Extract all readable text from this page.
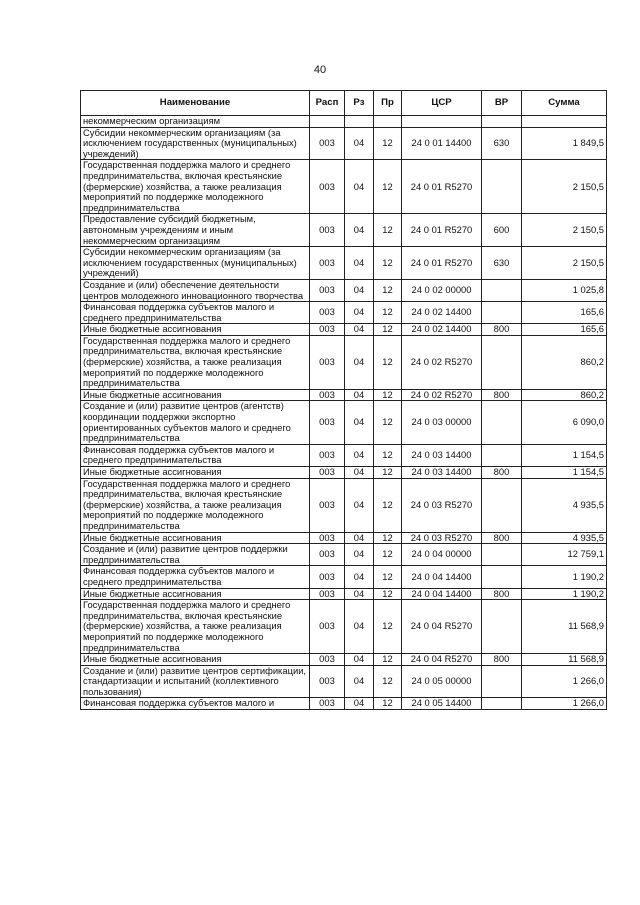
40
Наименование	Расп	Рз	Пр	ЦСР	ВР	Сумма
некоммерческим организациям						
Субсидии некоммерческим организациям (за исключением государственных (муниципальных) учреждений)	003	04	12	24 0 01 14400	630	1 849,5
Государственная поддержка малого и среднего предпринимательства, включая крестьянские (фермерские) хозяйства, а также реализация мероприятий по поддержке молодежного предпринимательства	003	04	12	24 0 01 R5270		2 150,5
Предоставление субсидий бюджетным, автономным учреждениям и иным некоммерческим организациям	003	04	12	24 0 01 R5270	600	2 150,5
Субсидии некоммерческим организациям (за исключением государственных (муниципальных) учреждений)	003	04	12	24 0 01 R5270	630	2 150,5
Создание и (или) обеспечение деятельности центров молодежного инновационного творчества	003	04	12	24 0 02 00000		1 025,8
Финансовая поддержка субъектов малого и среднего предпринимательства	003	04	12	24 0 02 14400		165,6
Иные бюджетные ассигнования	003	04	12	24 0 02 14400	800	165,6
Государственная поддержка малого и среднего предпринимательства, включая крестьянские (фермерские) хозяйства, а также реализация мероприятий по поддержке молодежного предпринимательства	003	04	12	24 0 02 R5270		860,2
Иные бюджетные ассигнования	003	04	12	24 0 02 R5270	800	860,2
Создание и (или) развитие центров (агентств) координации поддержки экспортно ориентированных субъектов малого и среднего предпринимательства	003	04	12	24 0 03 00000		6 090,0
Финансовая поддержка субъектов малого и среднего предпринимательства	003	04	12	24 0 03 14400		1 154,5
Иные бюджетные ассигнования	003	04	12	24 0 03 14400	800	1 154,5
Государственная поддержка малого и среднего предпринимательства, включая крестьянские (фермерские) хозяйства, а также реализация мероприятий по поддержке молодежного предпринимательства	003	04	12	24 0 03 R5270		4 935,5
Иные бюджетные ассигнования	003	04	12	24 0 03 R5270	800	4 935,5
Создание и (или) развитие центров поддержки предпринимательства	003	04	12	24 0 04 00000		12 759,1
Финансовая поддержка субъектов малого и среднего предпринимательства	003	04	12	24 0 04 14400		1 190,2
Иные бюджетные ассигнования	003	04	12	24 0 04 14400	800	1 190,2
Государственная поддержка малого и среднего предпринимательства, включая крестьянские (фермерские) хозяйства, а также реализация мероприятий по поддержке молодежного предпринимательства	003	04	12	24 0 04 R5270		11 568,9
Иные бюджетные ассигнования	003	04	12	24 0 04 R5270	800	11 568,9
Создание и (или) развитие центров сертификации, стандартизации и испытаний (коллективного пользования)	003	04	12	24 0 05 00000		1 266,0
Финансовая поддержка субъектов малого и	003	04	12	24 0 05 14400		1 266,0
